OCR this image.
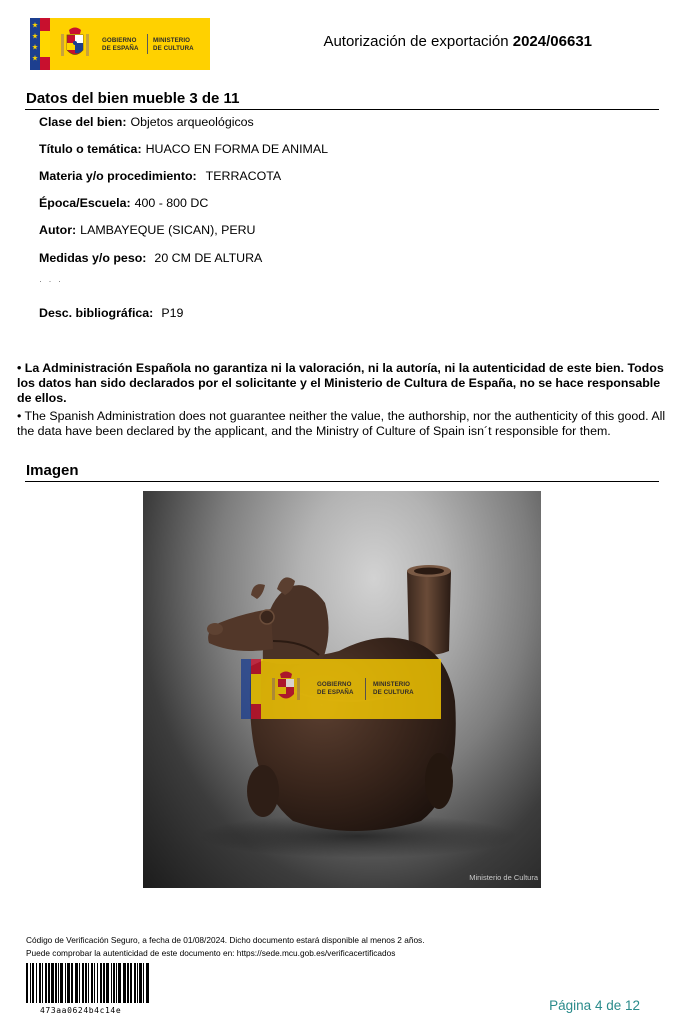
GOBIERNO
DE ESPAÑA
MINISTERIO
DE CULTURA	Autorización de exportación 2024/06631
Datos del bien mueble 3 de 11
Clase del bien: Objetos arqueológicos
Título o temática: HUACO EN FORMA DE ANIMAL
Materia y/o procedimiento: TERRACOTA
Época/Escuela: 400 - 800 DC
Autor: LAMBAYEQUE (SICAN), PERU
Medidas y/o peso: 20 CM DE ALTURA
· · ·
Desc. bibliográfica: P19
• La Administración Española no garantiza ni la valoración, ni la autoría, ni la autenticidad de este bien. Todos los datos han sido declarados por el solicitante y el Ministerio de Cultura de España, no se hace responsable de ellos.
• The Spanish Administration does not guarantee neither the value, the authorship, nor the authenticity of this good. All the data have been declared by the applicant, and the Ministry of Culture of Spain isn´t responsible for them.
Imagen
GOBIERNO
DE ESPAÑA
MINISTERIO
DE CULTURA
Ministerio de Cultura
Código de Verificación Seguro, a fecha de 01/08/2024. Dicho documento estará disponible al menos 2 años.
Puede comprobar la autenticidad de este documento en: https://sede.mcu.gob.es/verificacertificados
473aa0624b4c14e	Página 4 de 12
